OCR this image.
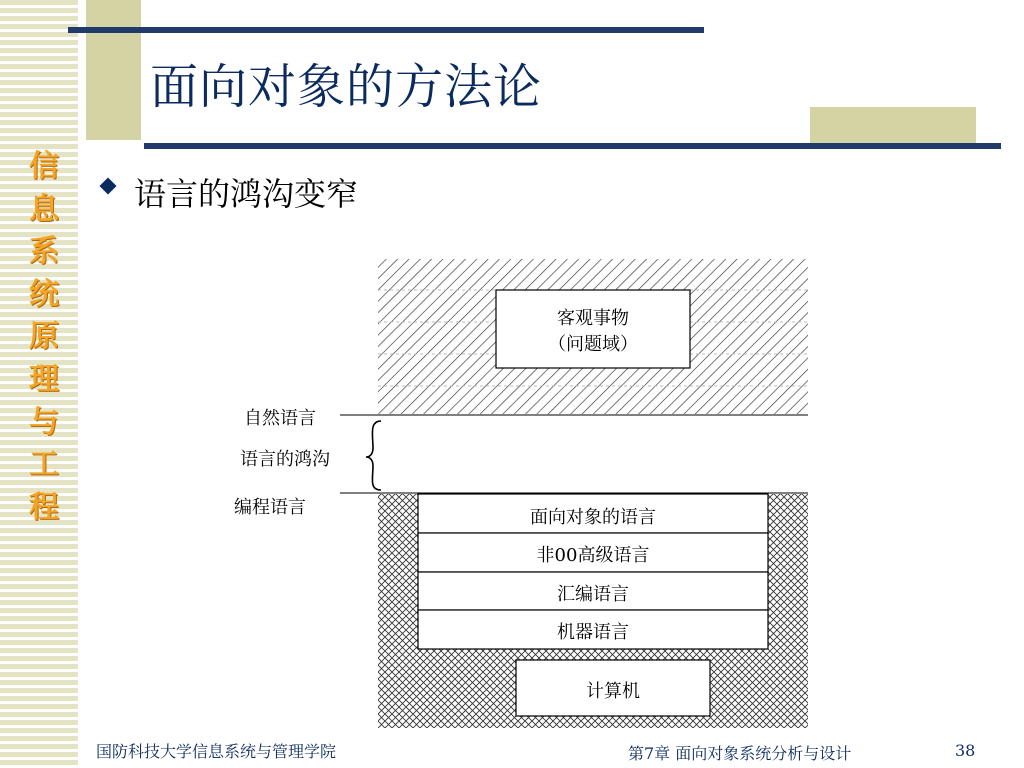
信
息
系
统
原
理
与
工
程
面向对象的方法论
语言的鸿沟变窄
客观事物
（问题域）
自然语言
语言的鸿沟
编程语言	面向对象的语言
非00高级语言
汇编语言
机器语言
计算机
国防科技大学信息系统与管理学院	第7章 面向对象系统分析与设计	38
